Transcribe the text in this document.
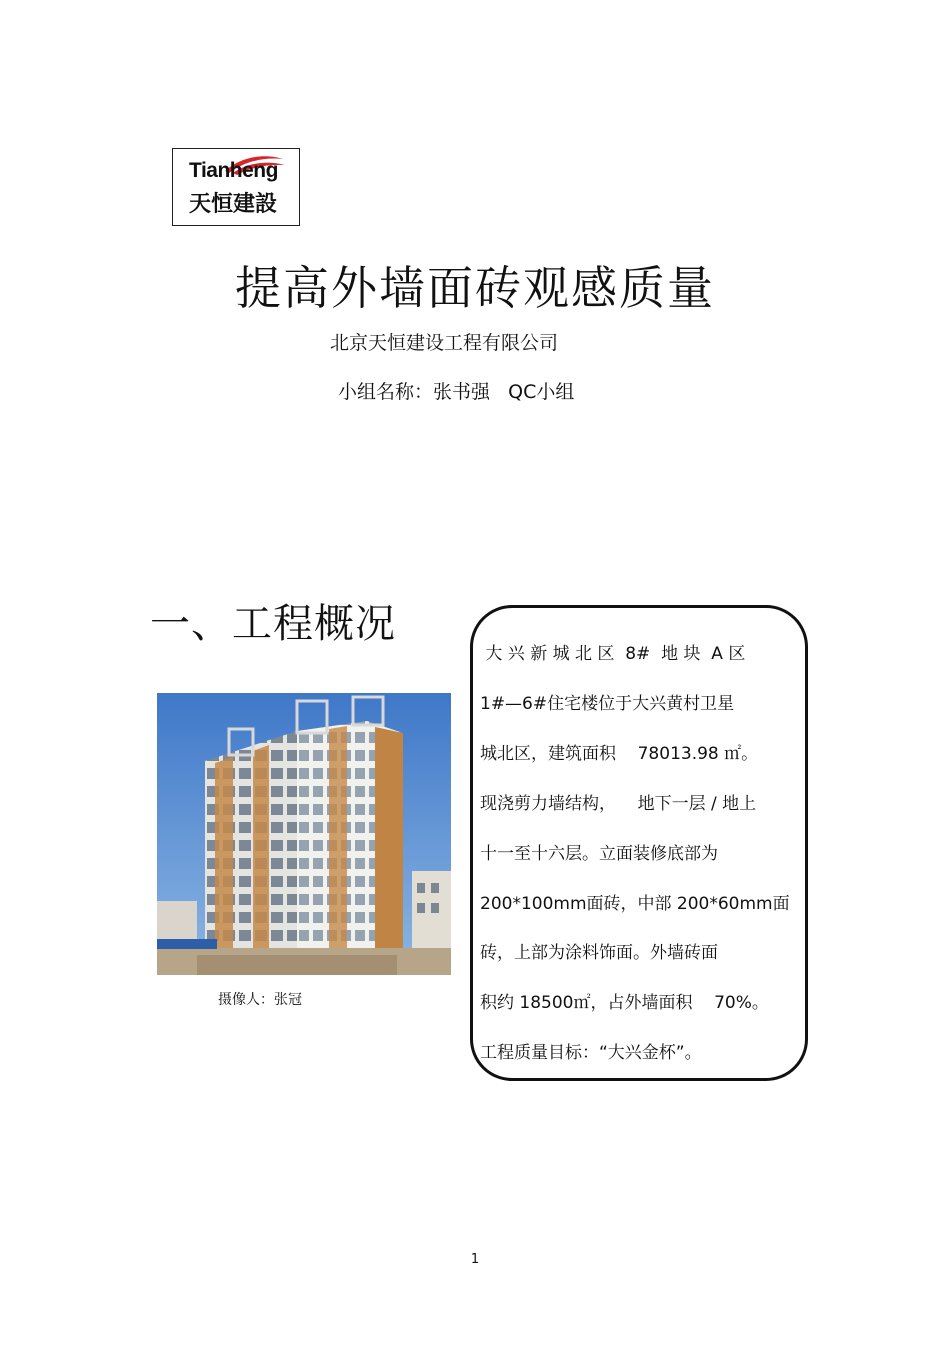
Tianheng
天恒建設
提高外墙面砖观感质量
北京天恒建设工程有限公司
小组名称：张书强   QC小组
一、工程概况
摄像人：张冠
大 兴 新 城 北 区  8#  地 块  A 区
1#—6#住宅楼位于大兴黄村卫星
城北区，建筑面积    78013.98 ㎡。
现浇剪力墙结构，    地下一层 / 地上
十一至十六层。立面装修底部为
200*100mm面砖，中部 200*60mm面
砖，上部为涂料饰面。外墙砖面
积约 18500㎡，占外墙面积    70%。
工程质量目标：“大兴金杯”。
1
